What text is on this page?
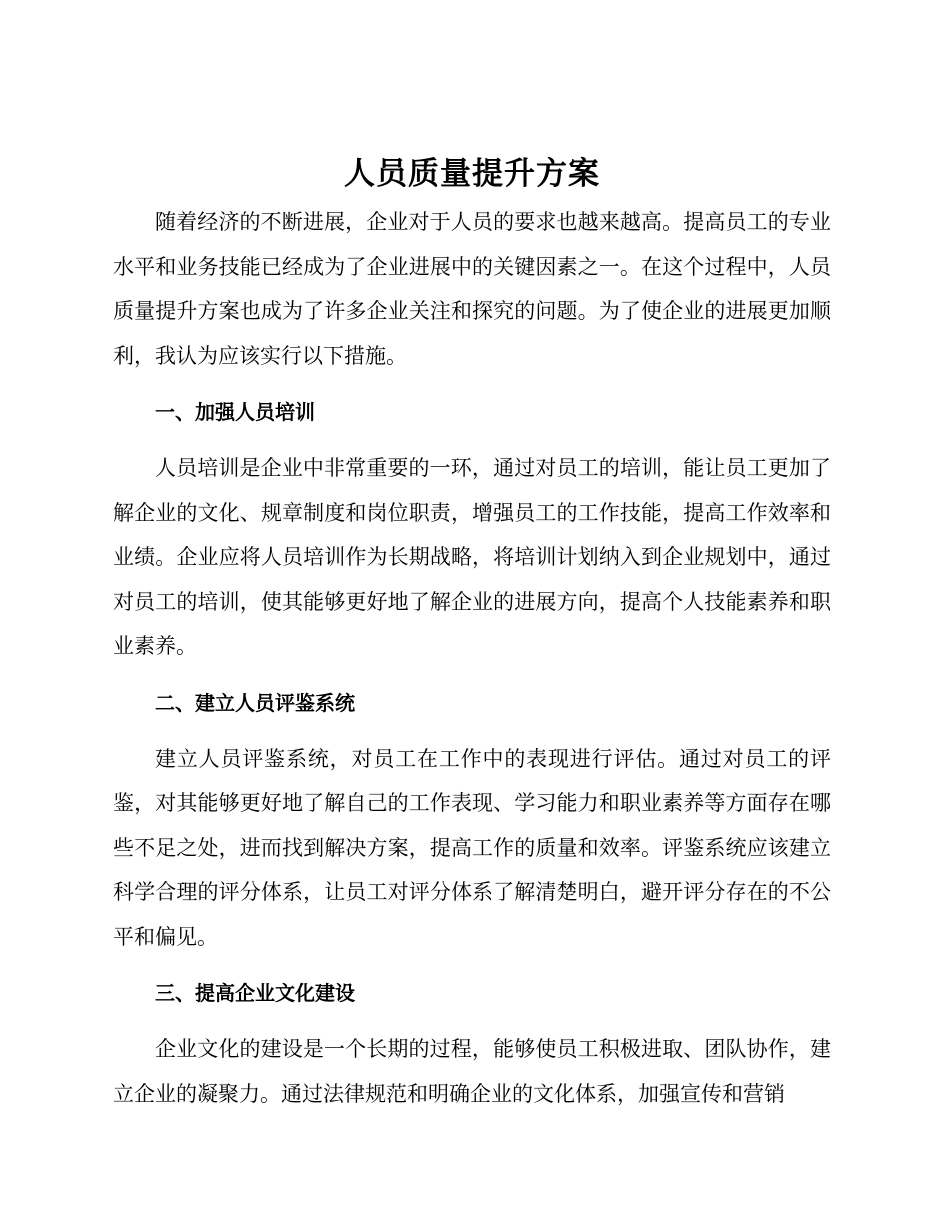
人员质量提升方案

随着经济的不断进展，企业对于人员的要求也越来越高。提高员工的专业水平和业务技能已经成为了企业进展中的关键因素之一。在这个过程中，人员质量提升方案也成为了许多企业关注和探究的问题。为了使企业的进展更加顺利，我认为应该实行以下措施。

一、加强人员培训

人员培训是企业中非常重要的一环，通过对员工的培训，能让员工更加了解企业的文化、规章制度和岗位职责，增强员工的工作技能，提高工作效率和业绩。企业应将人员培训作为长期战略，将培训计划纳入到企业规划中，通过对员工的培训，使其能够更好地了解企业的进展方向，提高个人技能素养和职业素养。

二、建立人员评鉴系统

建立人员评鉴系统，对员工在工作中的表现进行评估。通过对员工的评鉴，对其能够更好地了解自己的工作表现、学习能力和职业素养等方面存在哪些不足之处，进而找到解决方案，提高工作的质量和效率。评鉴系统应该建立科学合理的评分体系，让员工对评分体系了解清楚明白，避开评分存在的不公平和偏见。

三、提高企业文化建设

企业文化的建设是一个长期的过程，能够使员工积极进取、团队协作，建立企业的凝聚力。通过法律规范和明确企业的文化体系，加强宣传和营销
